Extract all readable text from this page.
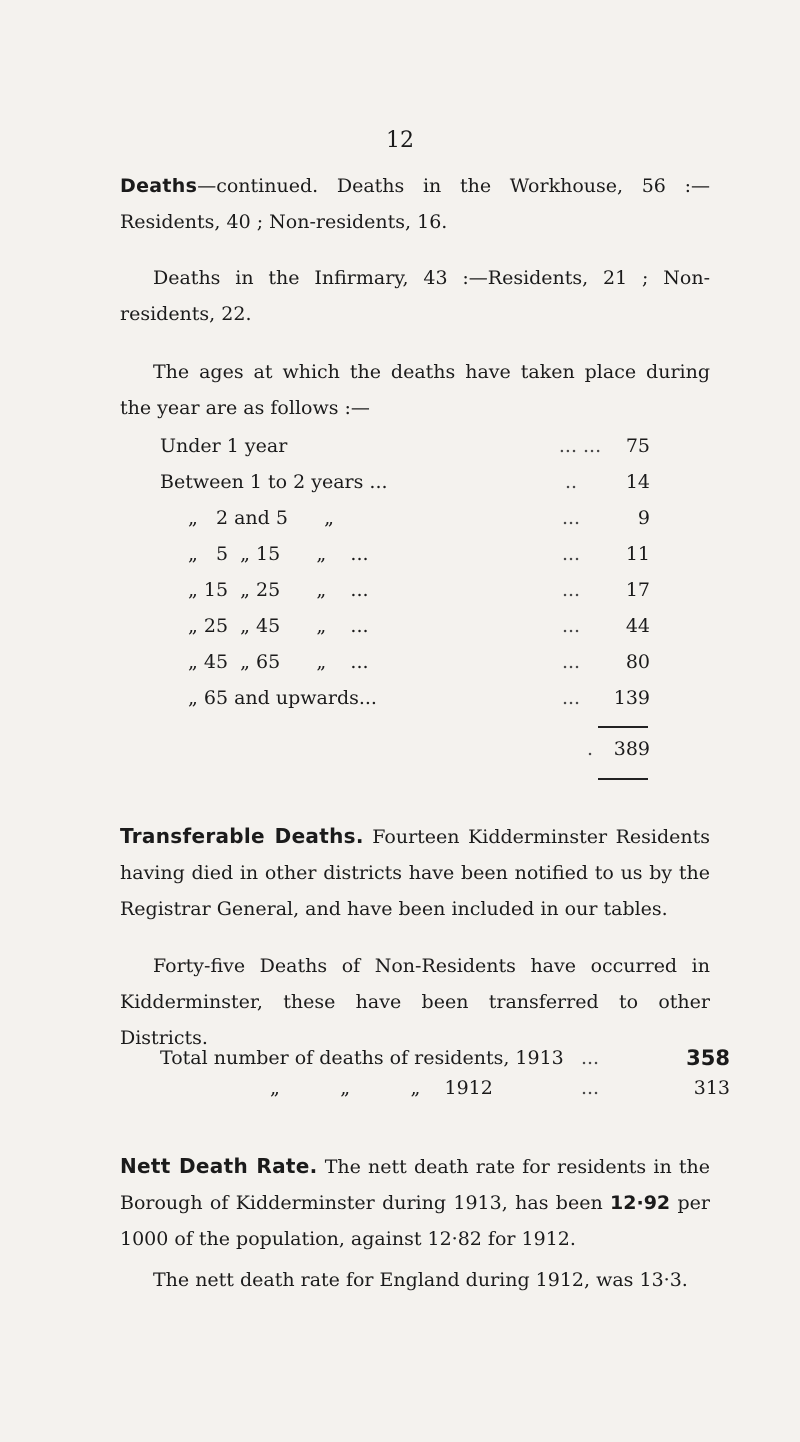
12
Deaths—continued. Deaths in the Workhouse, 56 :— Residents, 40 ; Non-residents, 16.
Deaths in the Infirmary, 43 :—Residents, 21 ; Non-residents, 22.
The ages at which the deaths have taken place during the year are as follows :—
Under 1 year	... ...	75
Between 1 to 2 years ...	..	14
„   2 and 5      „	...	9
„   5  „ 15      „    ...	...	11
„ 15  „ 25      „    ...	...	17
„ 25  „ 45      „    ...	...	44
„ 45  „ 65      „    ...	...	80
„ 65 and upwards...	...	139
.	389
Transferable Deaths. Fourteen Kidderminster Residents having died in other districts have been notified to us by the Registrar General, and have been included in our tables.
Forty-five Deaths of Non-Residents have occurred in Kidderminster, these have been transferred to other Districts.
Total number of deaths of residents, 1913 ...	358
„          „          „    1912	...	313
Nett Death Rate. The nett death rate for residents in the Borough of Kidderminster during 1913, has been 12·92 per 1000 of the population, against 12·82 for 1912.
The nett death rate for England during 1912, was 13·3.
